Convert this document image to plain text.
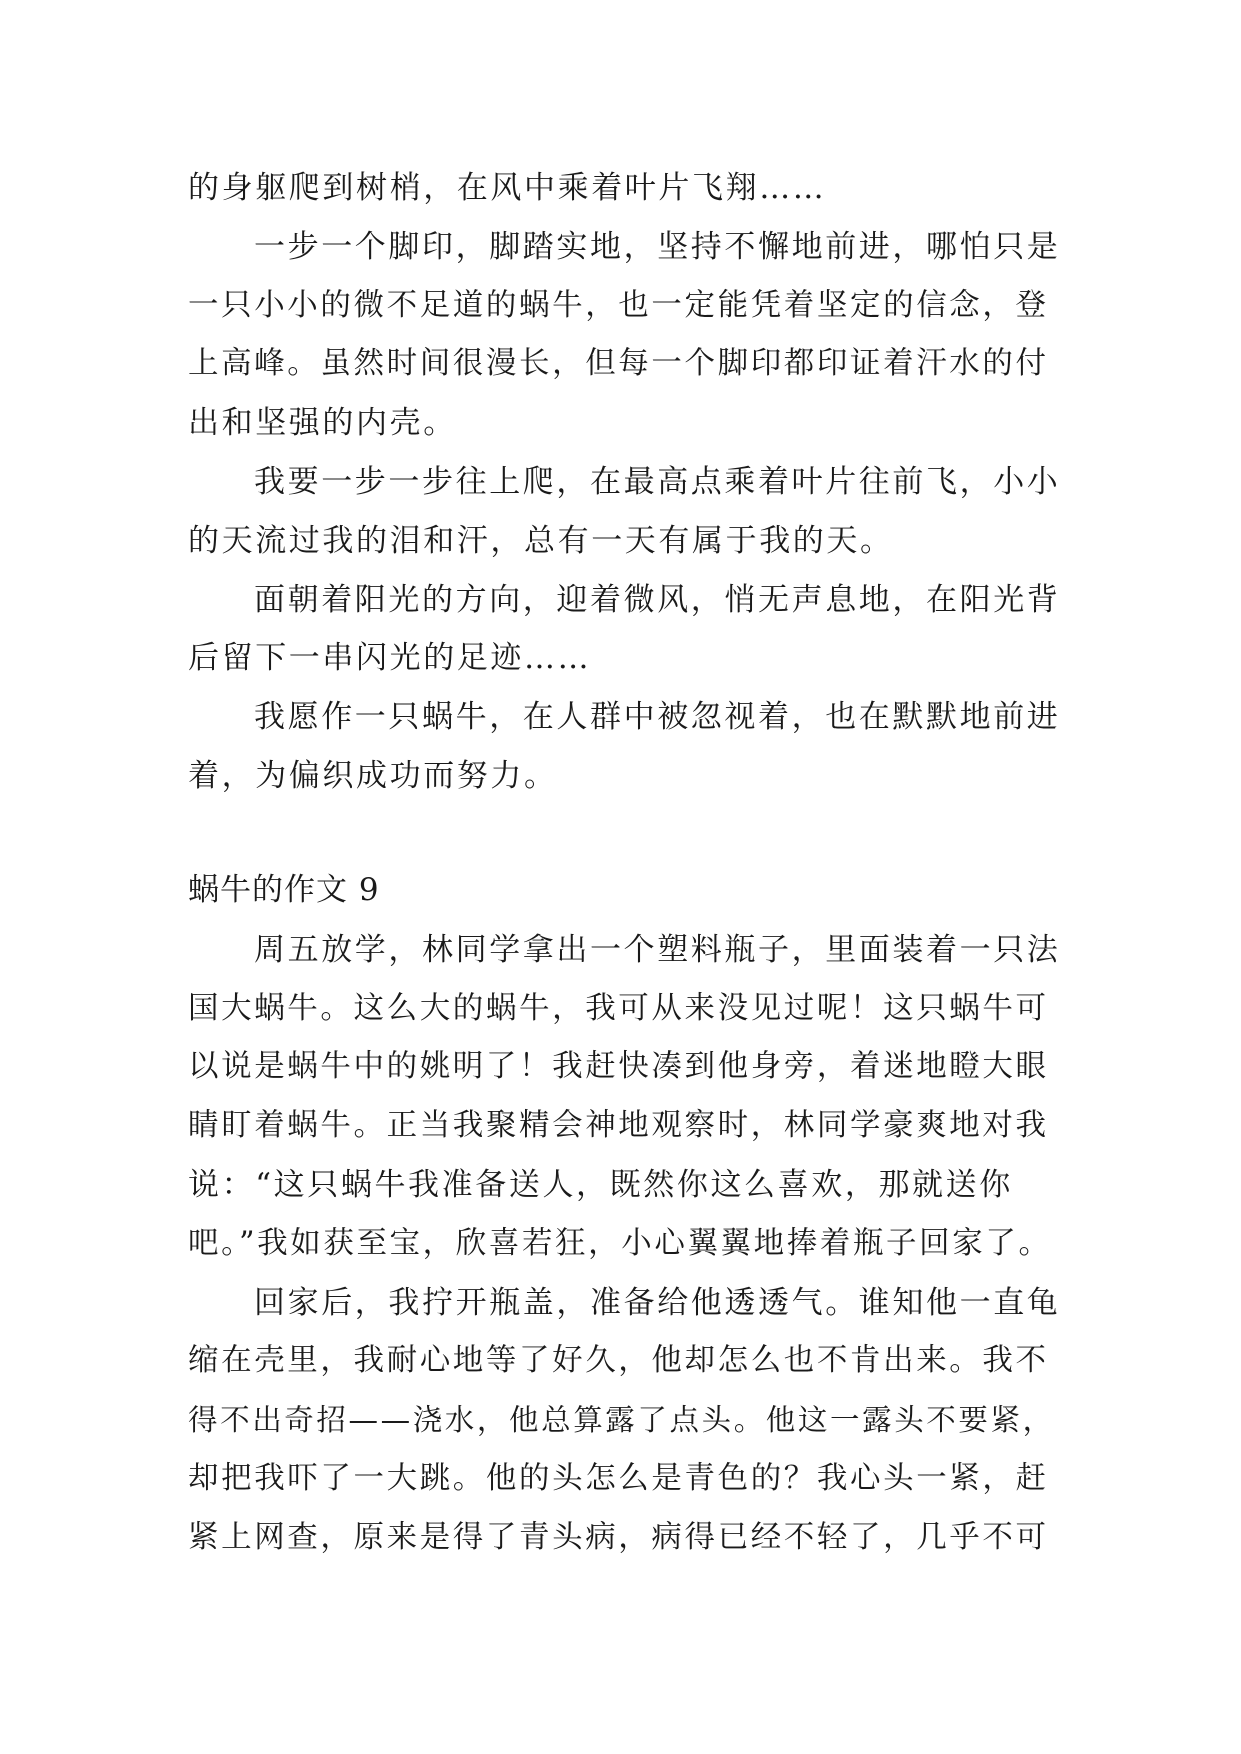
的身躯爬到树梢，在风中乘着叶片飞翔……
一步一个脚印，脚踏实地，坚持不懈地前进，哪怕只是
一只小小的微不足道的蜗牛，也一定能凭着坚定的信念，登
上高峰。虽然时间很漫长，但每一个脚印都印证着汗水的付
出和坚强的内壳。
我要一步一步往上爬，在最高点乘着叶片往前飞，小小
的天流过我的泪和汗，总有一天有属于我的天。
面朝着阳光的方向，迎着微风，悄无声息地，在阳光背
后留下一串闪光的足迹……
我愿作一只蜗牛，在人群中被忽视着，也在默默地前进
着，为偏织成功而努力。
蜗牛的作文 9
周五放学，林同学拿出一个塑料瓶子，里面装着一只法
国大蜗牛。这么大的蜗牛，我可从来没见过呢！这只蜗牛可
以说是蜗牛中的姚明了！我赶快凑到他身旁，着迷地瞪大眼
睛盯着蜗牛。正当我聚精会神地观察时，林同学豪爽地对我
说：“这只蜗牛我准备送人，既然你这么喜欢，那就送你
吧。”我如获至宝，欣喜若狂，小心翼翼地捧着瓶子回家了。
回家后，我拧开瓶盖，准备给他透透气。谁知他一直龟
缩在壳里，我耐心地等了好久，他却怎么也不肯出来。我不
得不出奇招——浇水，他总算露了点头。他这一露头不要紧，
却把我吓了一大跳。他的头怎么是青色的？我心头一紧，赶
紧上网查，原来是得了青头病，病得已经不轻了，几乎不可
